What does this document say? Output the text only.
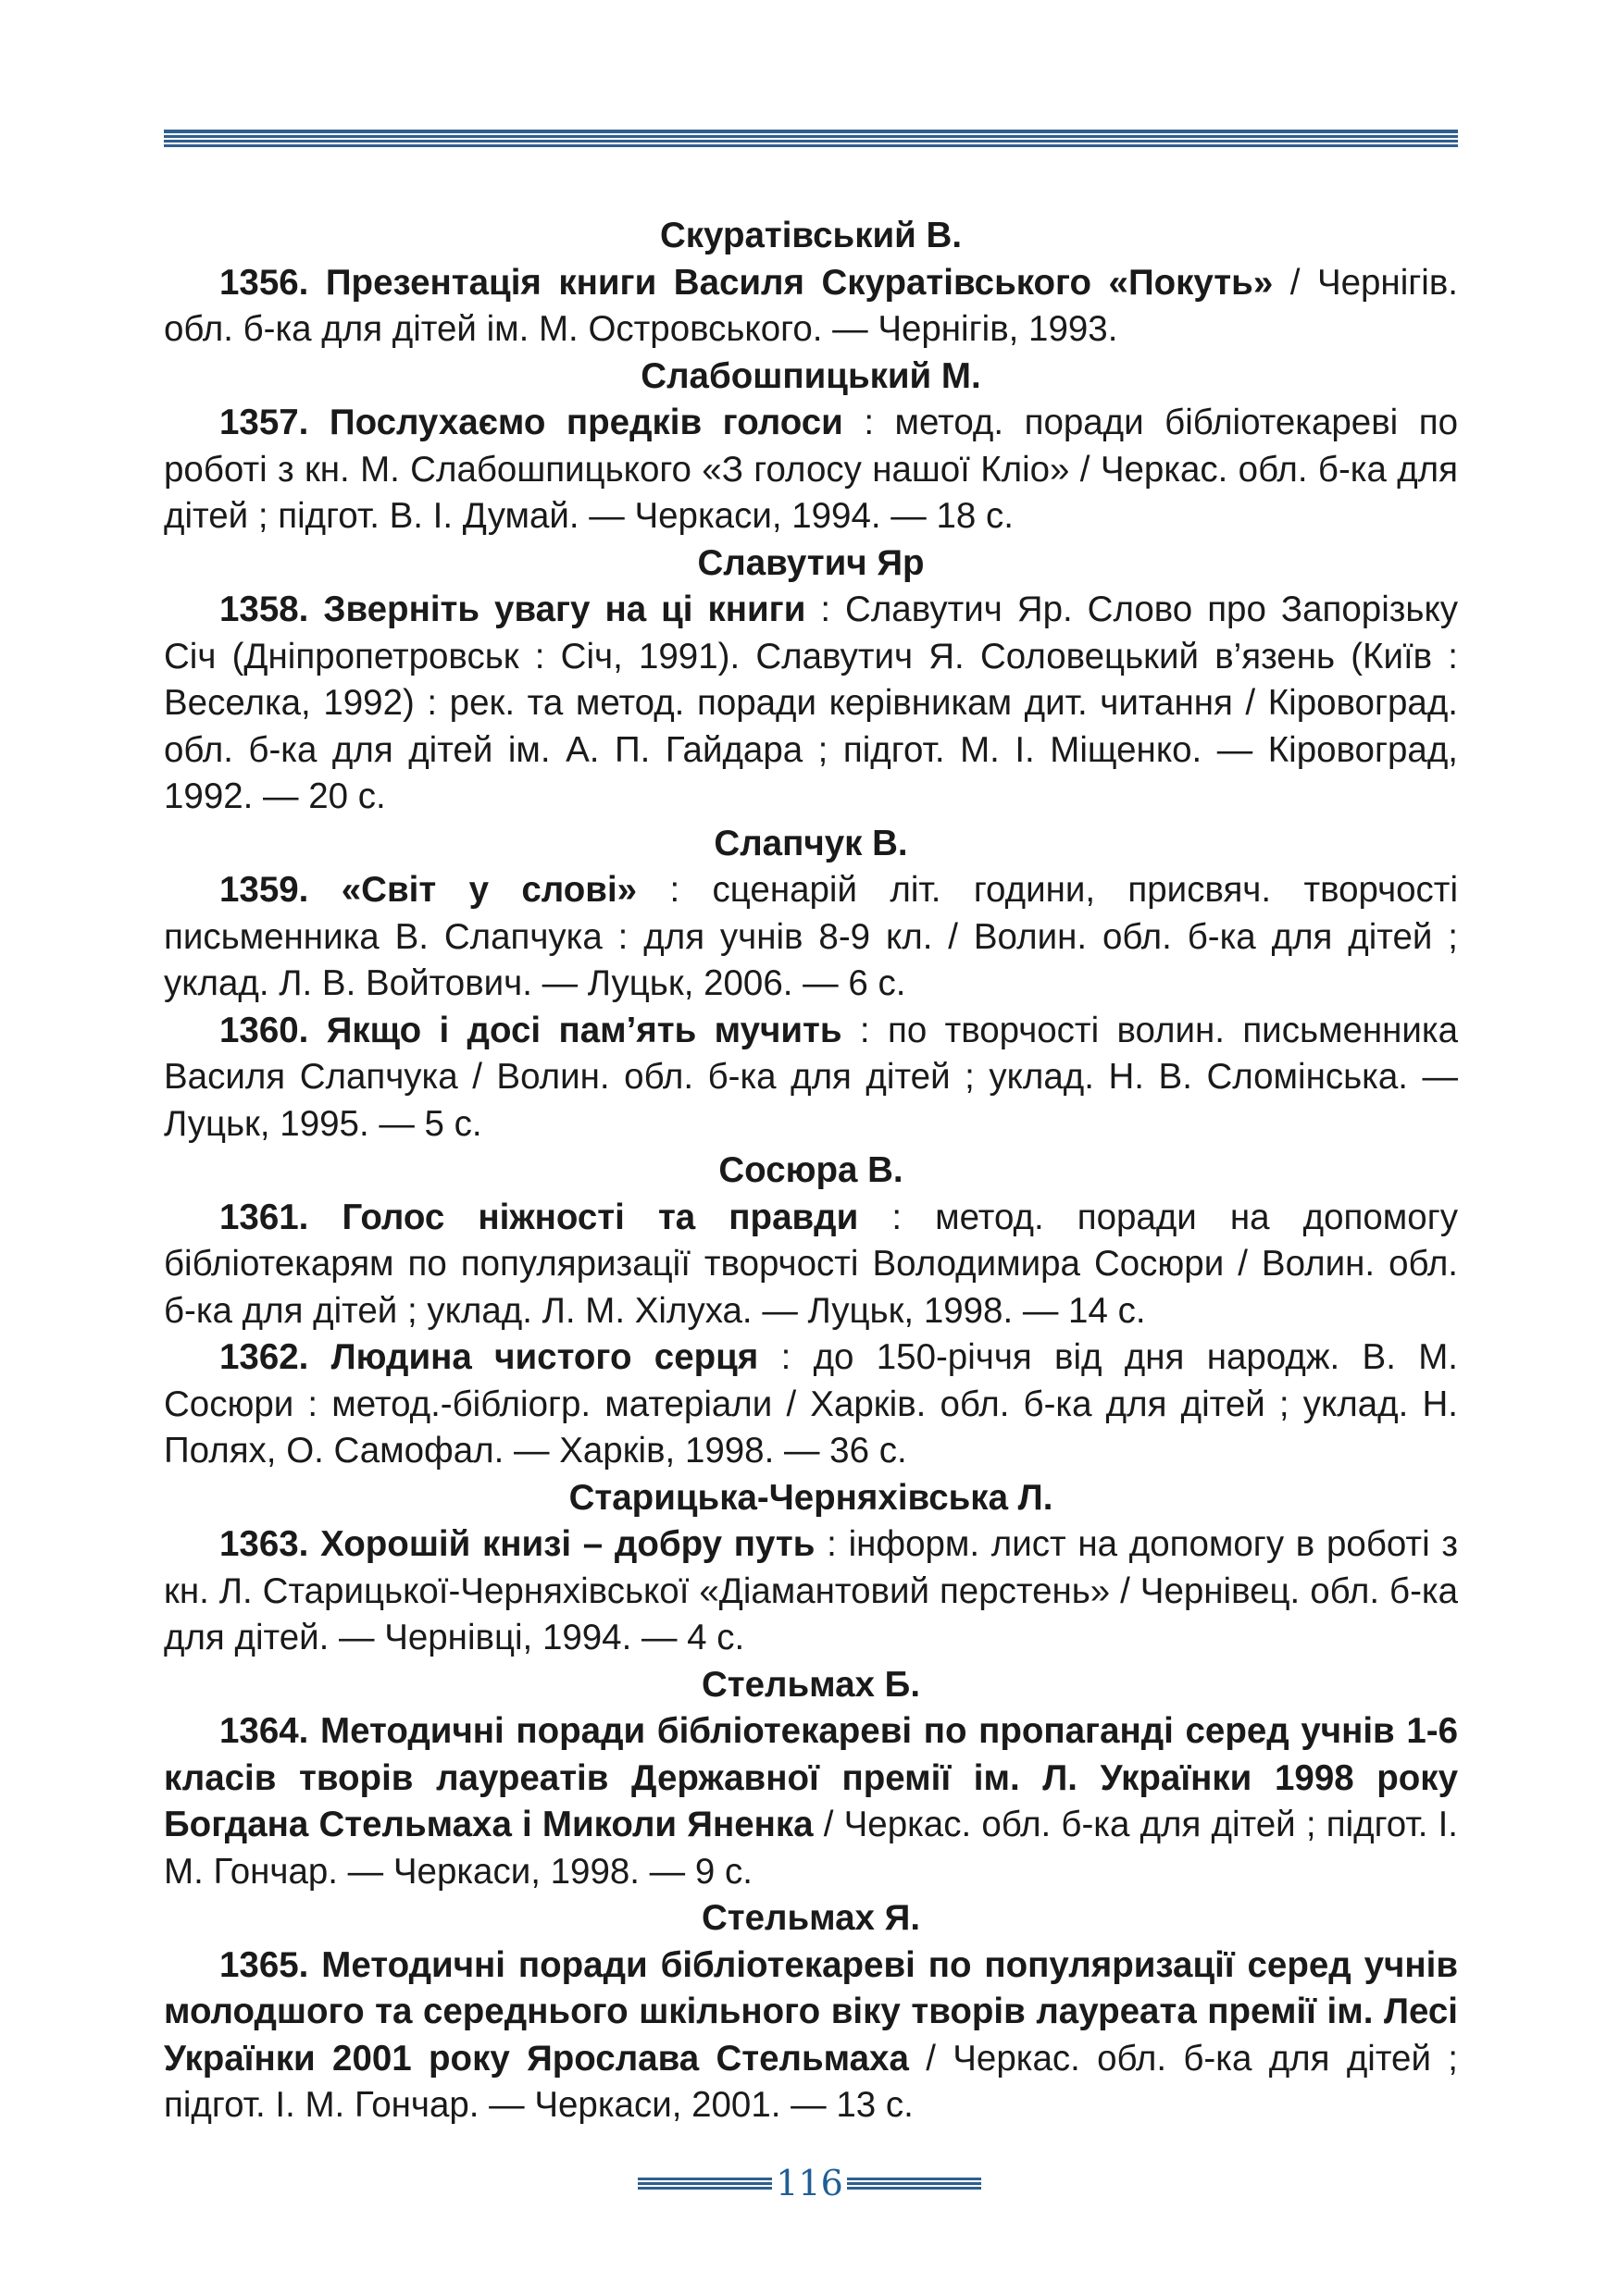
Скуратівський В.

1356. Презентація книги Василя Скуратівського «Покуть» / Чернігів. обл. б-ка для дітей ім. М. Островського. — Чернігів, 1993.

Слабошпицький М.

1357. Послухаємо предків голоси : метод. поради бібліотекареві по роботі з кн. М. Слабошпицького «З голосу нашої Кліо» / Черкас. обл. б-ка для дітей ; підгот. В. І. Думай. — Черкаси, 1994. — 18 с.

Славутич Яр

1358. Зверніть увагу на ці книги : Славутич Яр. Слово про Запорізьку Січ (Дніпропетровськ : Січ, 1991). Славутич Я. Соловецький в’язень (Київ : Веселка, 1992) : рек. та метод. поради керівникам дит. читання / Кіровоград. обл. б-ка для дітей ім. А. П. Гайдара ; підгот. М. І. Міщенко. — Кіровоград, 1992. — 20 с.

Слапчук В.

1359. «Світ у слові» : сценарій літ. години, присвяч. творчості письменника В. Слапчука : для учнів 8-9 кл. / Волин. обл. б-ка для дітей ; уклад. Л. В. Войтович. — Луцьк, 2006. — 6 с.

1360. Якщо і досі пам’ять мучить : по творчості волин. письменника Василя Слапчука / Волин. обл. б-ка для дітей ; уклад. Н. В. Сломінська. — Луцьк, 1995. — 5 с.

Сосюра В.

1361. Голос ніжності та правди : метод. поради на допомогу бібліотекарям по популяризації творчості Володимира Сосюри / Волин. обл. б-ка для дітей ; уклад. Л. М. Хілуха. — Луцьк, 1998. — 14 с.

1362. Людина чистого серця : до 150-річчя від дня народж. В. М. Сосюри : метод.-бібліогр. матеріали / Харків. обл. б-ка для дітей ; уклад. Н. Полях, О. Самофал. — Харків, 1998. — 36 с.

Старицька-Черняхівська Л.

1363. Хорошій книзі – добру путь : інформ. лист на допомогу в роботі з кн. Л. Старицької-Черняхівської «Діамантовий перстень» / Чернівец. обл. б-ка для дітей. — Чернівці, 1994. — 4 с.

Стельмах Б.

1364. Методичні поради бібліотекареві по пропаганді серед учнів 1-6 класів творів лауреатів Державної премії ім. Л. Українки 1998 року Богдана Стельмаха і Миколи Яненка / Черкас. обл. б-ка для дітей ; підгот. І. М. Гончар. — Черкаси, 1998. — 9 с.

Стельмах Я.

1365. Методичні поради бібліотекареві по популяризації серед учнів молодшого та середнього шкільного віку творів лауреата премії ім. Лесі Українки 2001 року Ярослава Стельмаха / Черкас. обл. б-ка для дітей ; підгот. І. М. Гончар. — Черкаси, 2001. — 13 с.

116
